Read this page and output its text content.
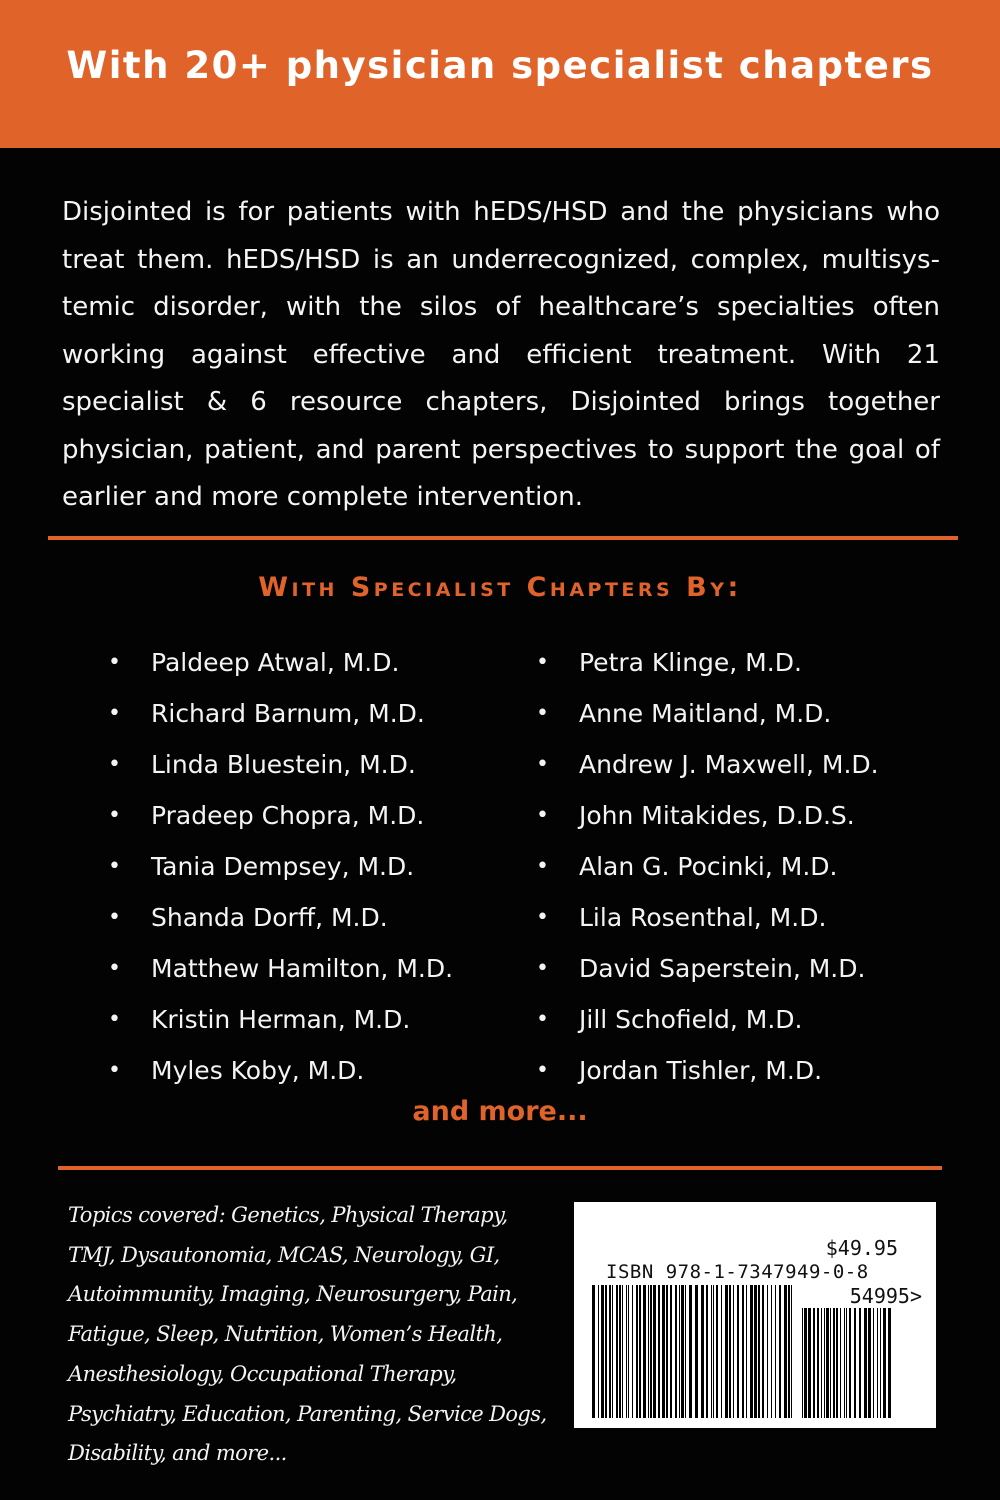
With 20+ physician specialist chapters

Disjointed is for patients with hEDS/HSD and the physicians who treat them. hEDS/HSD is an underrecognized, complex, multisystemic disorder, with the silos of healthcare’s specialties often working against effective and efficient treatment. With 21 specialist & 6 resource chapters, Disjointed brings together physician, patient, and parent perspectives to support the goal of earlier and more complete intervention.

With Specialist Chapters By:
•	Paldeep Atwal, M.D.
•	Richard Barnum, M.D.
•	Linda Bluestein, M.D.
•	Pradeep Chopra, M.D.
•	Tania Dempsey, M.D.
•	Shanda Dorff, M.D.
•	Matthew Hamilton, M.D.
•	Kristin Herman, M.D.
•	Myles Koby, M.D.
•	Petra Klinge, M.D.
•	Anne Maitland, M.D.
•	Andrew J. Maxwell, M.D.
•	John Mitakides, D.D.S.
•	Alan G. Pocinki, M.D.
•	Lila Rosenthal, M.D.
•	David Saperstein, M.D.
•	Jill Schofield, M.D.
•	Jordan Tishler, M.D.
and more...

Topics covered: Genetics, Physical Therapy, TMJ, Dysautonomia, MCAS, Neurology, GI, Autoimmunity, Imaging, Neurosurgery, Pain, Fatigue, Sleep, Nutrition, Women’s Health, Anesthesiology, Occupational Therapy, Psychiatry, Education, Parenting, Service Dogs, Disability, and more...

$49.95
ISBN 978-1-7347949-0-8
54995>
